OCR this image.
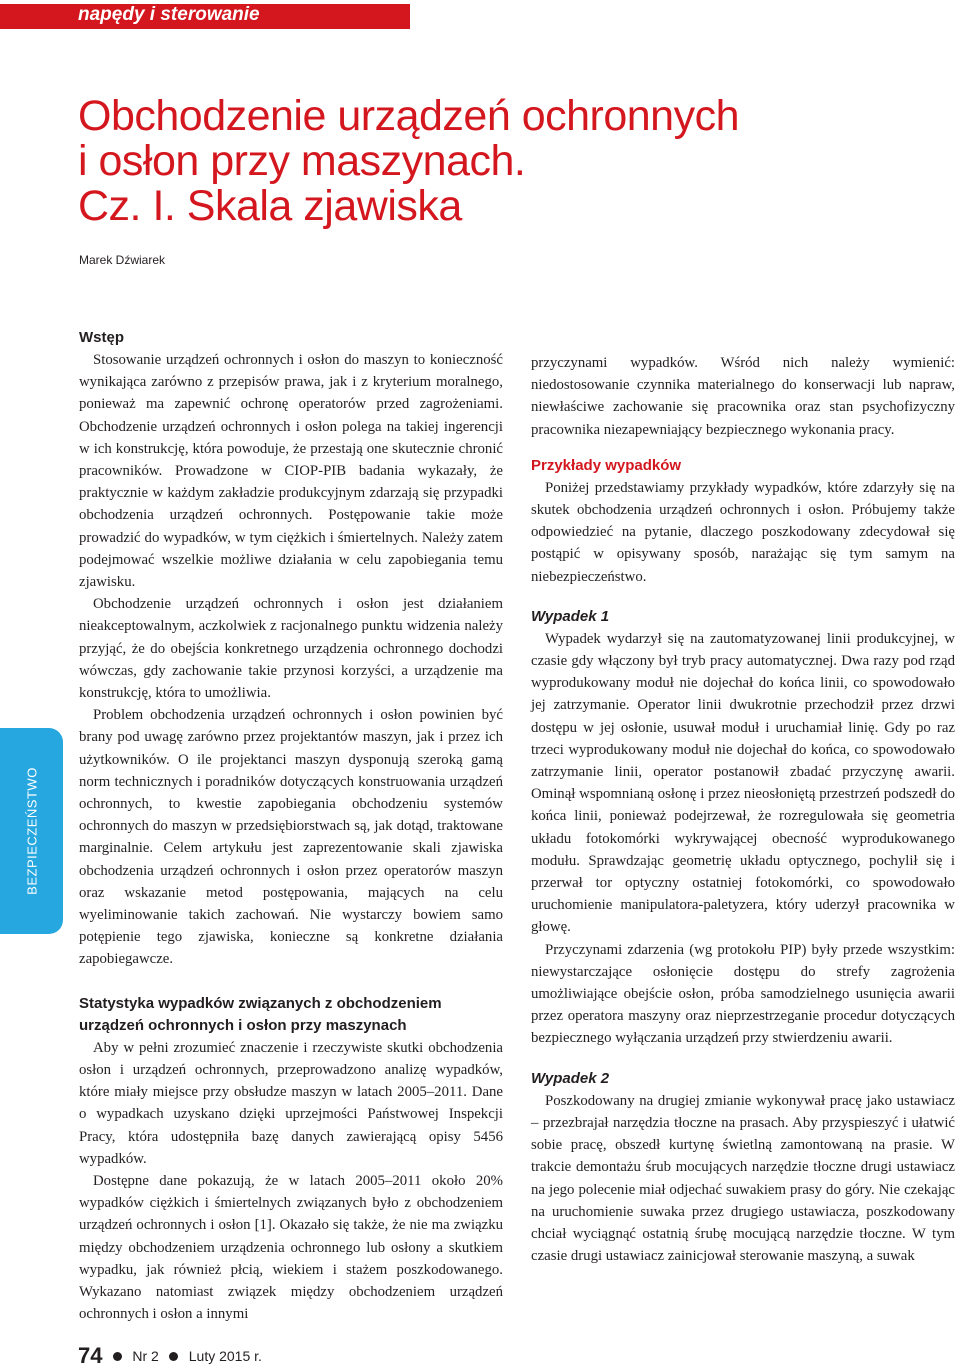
napędy i sterowanie
Obchodzenie urządzeń ochronnych
i osłon przy maszynach.
Cz. I. Skala zjawiska
Marek Dźwiarek
BEZPIECZEŃSTWO
Wstęp

Stosowanie urządzeń ochronnych i osłon do maszyn to konieczność wynikająca zarówno z przepisów prawa, jak i z kryterium moralnego, ponieważ ma zapewnić ochronę operatorów przed zagrożeniami. Obchodzenie urządzeń ochronnych i osłon polega na takiej ingerencji w ich konstrukcję, która powoduje, że przestają one skutecznie chronić pracowników. Prowadzone w CIOP-PIB badania wykazały, że praktycznie w każdym zakładzie produkcyjnym zdarzają się przypadki obchodzenia urządzeń ochronnych. Postępowanie takie może prowadzić do wypadków, w tym ciężkich i śmiertelnych. Należy zatem podejmować wszelkie możliwe działania w celu zapobiegania temu zjawisku.

Obchodzenie urządzeń ochronnych i osłon jest działaniem nieakceptowalnym, aczkolwiek z racjonalnego punktu widzenia należy przyjąć, że do obejścia konkretnego urządzenia ochronnego dochodzi wówczas, gdy zachowanie takie przynosi korzyści, a urządzenie ma konstrukcję, która to umożliwia.

Problem obchodzenia urządzeń ochronnych i osłon powinien być brany pod uwagę zarówno przez projektantów maszyn, jak i przez ich użytkowników. O ile projektanci maszyn dysponują szeroką gamą norm technicznych i poradników dotyczących konstruowania urządzeń ochronnych, to kwestie zapobiegania obchodzeniu systemów ochronnych do maszyn w przedsiębiorstwach są, jak dotąd, traktowane marginalnie. Celem artykułu jest zaprezentowanie skali zjawiska obchodzenia urządzeń ochronnych i osłon przez operatorów maszyn oraz wskazanie metod postępowania, mających na celu wyeliminowanie takich zachowań. Nie wystarczy bowiem samo potępienie tego zjawiska, konieczne są konkretne działania zapobiegawcze.

Statystyka wypadków związanych z obchodzeniem urządzeń ochronnych i osłon przy maszynach

Aby w pełni zrozumieć znaczenie i rzeczywiste skutki obchodzenia osłon i urządzeń ochronnych, przeprowadzono analizę wypadków, które miały miejsce przy obsłudze maszyn w latach 2005–2011. Dane o wypadkach uzyskano dzięki uprzejmości Państwowej Inspekcji Pracy, która udostępniła bazę danych zawierającą opisy 5456 wypadków.

Dostępne dane pokazują, że w latach 2005–2011 około 20% wypadków ciężkich i śmiertelnych związanych było z obchodzeniem urządzeń ochronnych i osłon [1]. Okazało się także, że nie ma związku między obchodzeniem urządzenia ochronnego lub osłony a skutkiem wypadku, jak również płcią, wiekiem i stażem poszkodowanego. Wykazano natomiast związek między obchodzeniem urządzeń ochronnych i osłon a innymi

przyczynami wypadków. Wśród nich należy wymienić: niedostosowanie czynnika materialnego do konserwacji lub napraw, niewłaściwe zachowanie się pracownika oraz stan psychofizyczny pracownika niezapewniający bezpiecznego wykonania pracy.

Przykłady wypadków

Poniżej przedstawiamy przykłady wypadków, które zdarzyły się na skutek obchodzenia urządzeń ochronnych i osłon. Próbujemy także odpowiedzieć na pytanie, dlaczego poszkodowany zdecydował się postąpić w opisywany sposób, narażając się tym samym na niebezpieczeństwo.

Wypadek 1

Wypadek wydarzył się na zautomatyzowanej linii produkcyjnej, w czasie gdy włączony był tryb pracy automatycznej. Dwa razy pod rząd wyprodukowany moduł nie dojechał do końca linii, co spowodowało jej zatrzymanie. Operator linii dwukrotnie przechodził przez drzwi dostępu w jej osłonie, usuwał moduł i uruchamiał linię. Gdy po raz trzeci wyprodukowany moduł nie dojechał do końca, co spowodowało zatrzymanie linii, operator postanowił zbadać przyczynę awarii. Ominął wspomnianą osłonę i przez nieosłoniętą przestrzeń podszedł do końca linii, ponieważ podejrzewał, że rozregulowała się geometria układu fotokomórki wykrywającej obecność wyprodukowanego modułu. Sprawdzając geometrię układu optycznego, pochylił się i przerwał tor optyczny ostatniej fotokomórki, co spowodowało uruchomienie manipulatora-paletyzera, który uderzył pracownika w głowę.

Przyczynami zdarzenia (wg protokołu PIP) były przede wszystkim: niewystarczające osłonięcie dostępu do strefy zagrożenia umożliwiające obejście osłon, próba samodzielnego usunięcia awarii przez operatora maszyny oraz nieprzestrzeganie procedur dotyczących bezpiecznego wyłączania urządzeń przy stwierdzeniu awarii.

Wypadek 2

Poszkodowany na drugiej zmianie wykonywał pracę jako ustawiacz – przezbrajał narzędzia tłoczne na prasach. Aby przyspieszyć i ułatwić sobie pracę, obszedł kurtynę świetlną zamontowaną na prasie. W trakcie demontażu śrub mocujących narzędzie tłoczne drugi ustawiacz na jego polecenie miał odjechać suwakiem prasy do góry. Nie czekając na uruchomienie suwaka przez drugiego ustawiacza, poszkodowany chciał wyciągnąć ostatnią śrubę mocującą narzędzie tłoczne. W tym czasie drugi ustawiacz zainicjował sterowanie maszyną, a suwak

74 Nr 2 Luty 2015 r.
